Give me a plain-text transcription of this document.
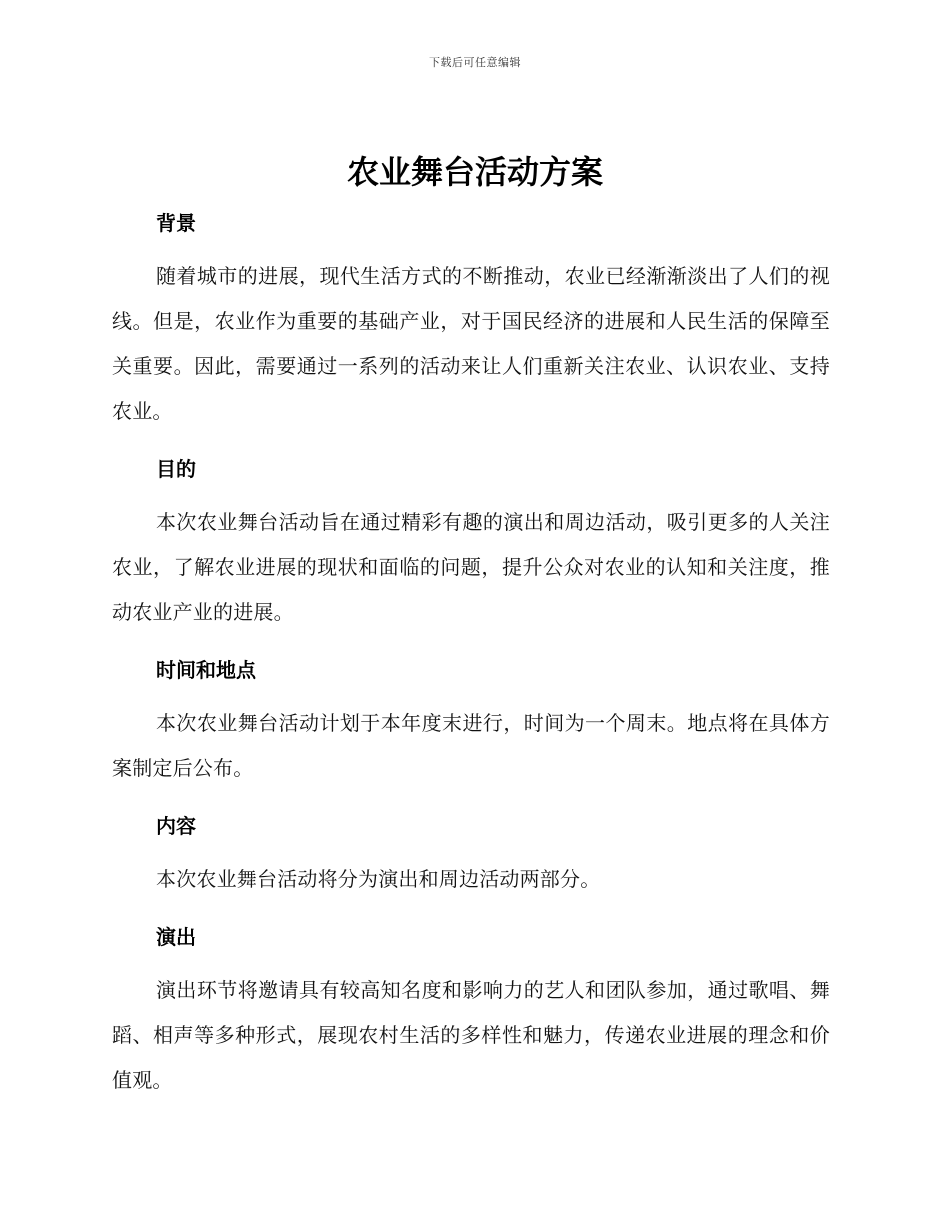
下载后可任意编辑
农业舞台活动方案
背景

随着城市的进展，现代生活方式的不断推动，农业已经渐渐淡出了人们的视线。但是，农业作为重要的基础产业，对于国民经济的进展和人民生活的保障至关重要。因此，需要通过一系列的活动来让人们重新关注农业、认识农业、支持农业。

目的

本次农业舞台活动旨在通过精彩有趣的演出和周边活动，吸引更多的人关注农业，了解农业进展的现状和面临的问题，提升公众对农业的认知和关注度，推动农业产业的进展。

时间和地点

本次农业舞台活动计划于本年度末进行，时间为一个周末。地点将在具体方案制定后公布。

内容

本次农业舞台活动将分为演出和周边活动两部分。

演出

演出环节将邀请具有较高知名度和影响力的艺人和团队参加，通过歌唱、舞蹈、相声等多种形式，展现农村生活的多样性和魅力，传递农业进展的理念和价值观。
